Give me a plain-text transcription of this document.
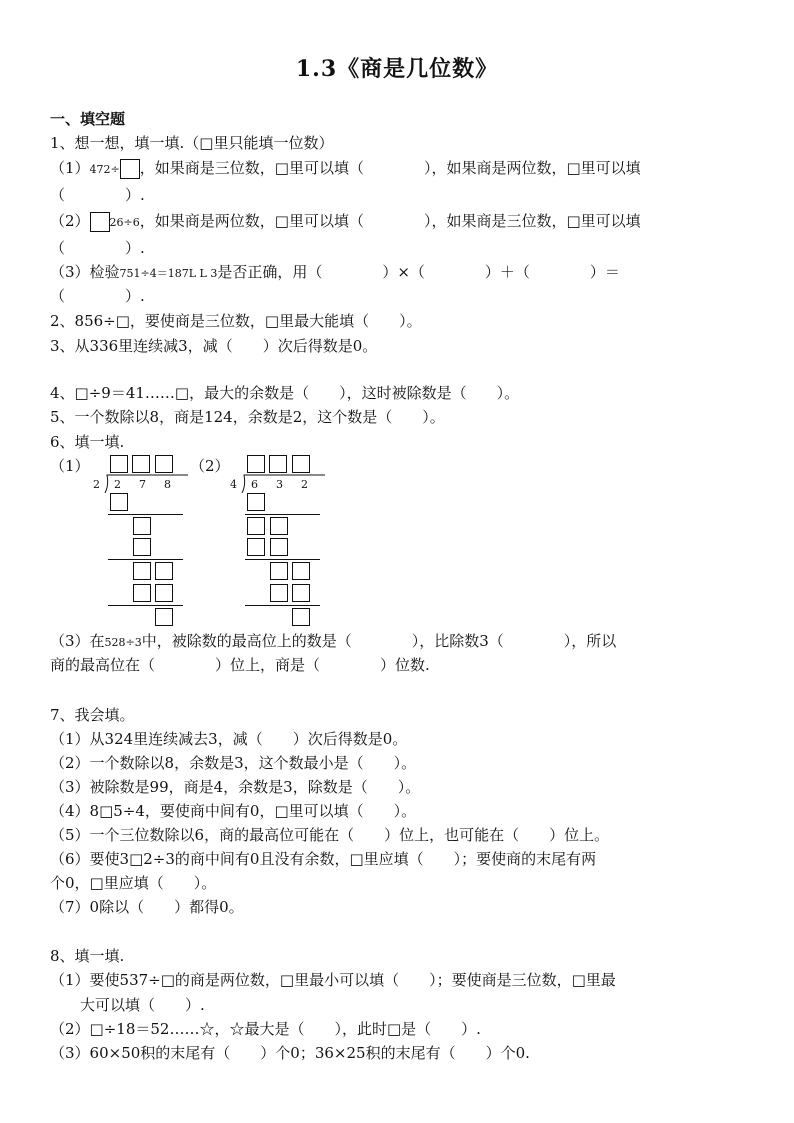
1.3《商是几位数》
一、填空题
1、想一想，填一填.（□里只能填一位数）
（1）472÷ ，如果商是三位数，□里可以填（　　　　），如果商是两位数，□里可以填
（　　　　）.
（2） 26÷6，如果商是两位数，□里可以填（　　　　），如果商是三位数，□里可以填
（　　　　）.
（3）检验751÷4＝187L L 3是否正确，用（　　　　）×（　　　　）＋（　　　　）＝
（　　　　）.
2、856÷□，要使商是三位数，□里最大能填（　　）。
3、从336里连续减3，减（　　）次后得数是0。
4、□÷9＝41……□，最大的余数是（　　），这时被除数是（　　）。
5、一个数除以8，商是124，余数是2，这个数是（　　）。
6、填一填.
（1）	（2）
2 2 7 8	4 6 3 2
（3）在528÷3中，被除数的最高位上的数是（　　　　），比除数3（　　　　），所以
商的最高位在（　　　　）位上，商是（　　　　）位数.
7、我会填。
（1）从324里连续减去3，减（　　）次后得数是0。
（2）一个数除以8，余数是3，这个数最小是（　　）。
（3）被除数是99，商是4，余数是3，除数是（　　）。
（4）8□5÷4，要使商中间有0，□里可以填（　　）。
（5）一个三位数除以6，商的最高位可能在（　　）位上，也可能在（　　）位上。
（6）要使3□2÷3的商中间有0且没有余数，□里应填（　　）；要使商的末尾有两
个0，□里应填（　　）。
（7）0除以（　　）都得0。
8、填一填.
（1）要使537÷□的商是两位数，□里最小可以填（　　）；要使商是三位数，□里最
　　大可以填（　　）.
（2）□÷18＝52……☆，☆最大是（　　），此时□是（　　）.
（3）60×50积的末尾有（　　）个0；36×25积的末尾有（　　）个0.
